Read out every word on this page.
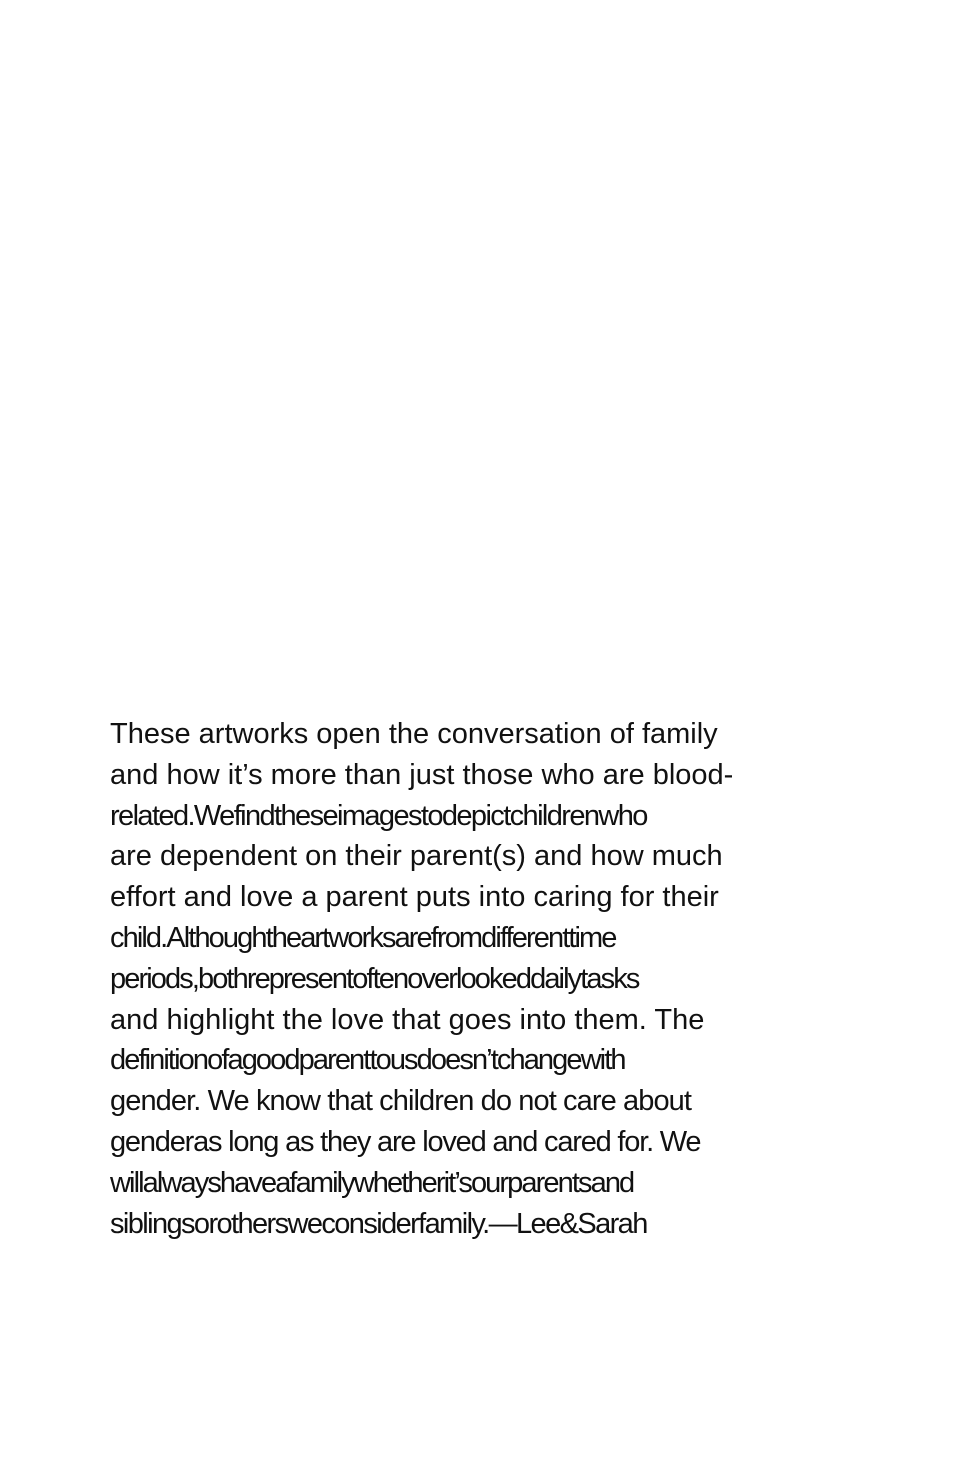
These artworks open the conversation of family
and how it’s more than just those who are blood-
related.Wefindtheseimagestodepictchildrenwho
are dependent on their parent(s) and how much
effort and love a parent puts into caring for their
child.Althoughtheartworksarefromdifferenttime
periods,bothrepresentoftenoverlookeddailytasks
and highlight the love that goes into them. The
definitionofagoodparenttousdoesn’tchangewith
gender. We know that children do not care about
genderas long as they are loved and cared for. We
willalwayshaveafamilywhetherit’sourparentsand
siblingsorothersweconsiderfamily.—Lee&Sarah
